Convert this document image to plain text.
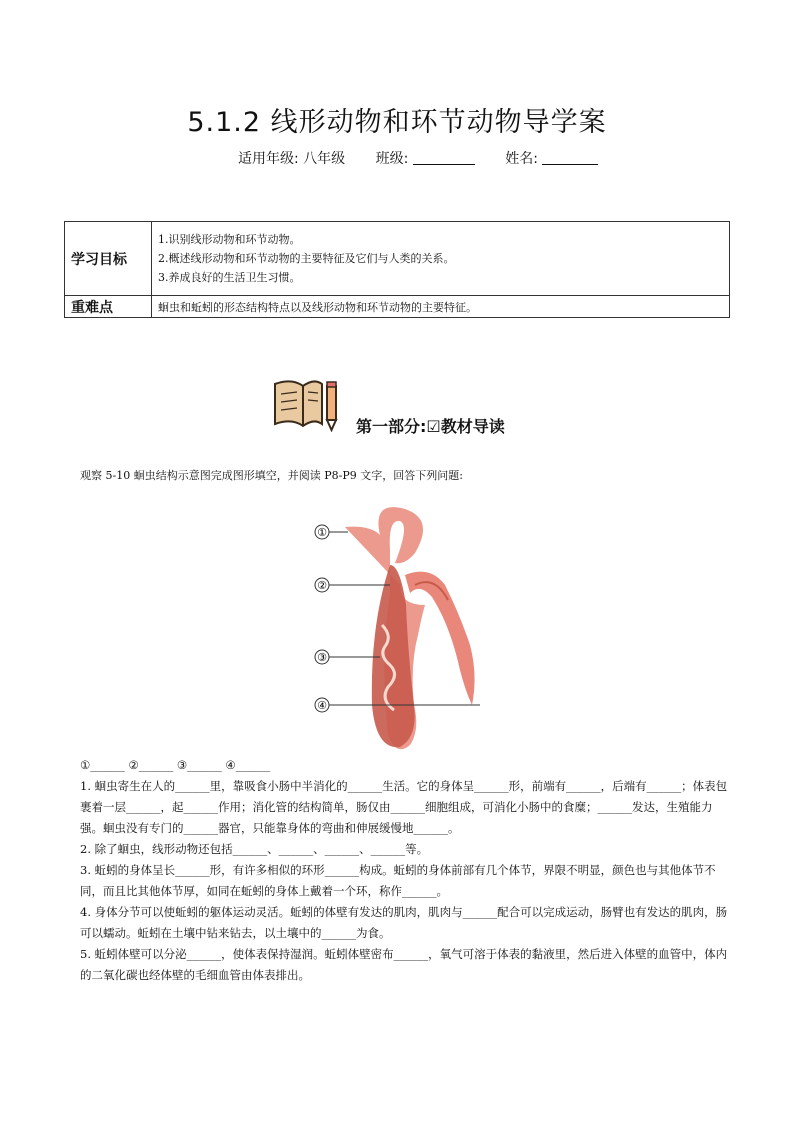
5.1.2 线形动物和环节动物导学案
适用年级: 八年级 班级:	姓名:
学习目标	1.识别线形动物和环节动物。
2.概述线形动物和环节动物的主要特征及它们与人类的关系。
3.养成良好的生活卫生习惯。

重难点	蛔虫和蚯蚓的形态结构特点以及线形动物和环节动物的主要特征。
第一部分:☑教材导读
观察 5-10 蛔虫结构示意图完成图形填空，并阅读 P8-P9 文字，回答下列问题:
①
②
③
④
①______ ②______ ③______ ④______

1. 蛔虫寄生在人的______里，靠吸食小肠中半消化的______生活。它的身体呈______形，前端有______，后端有______；体表包裹着一层______，起______作用；消化管的结构简单，肠仅由______细胞组成，可消化小肠中的食糜；______发达，生殖能力强。蛔虫没有专门的______器官，只能靠身体的弯曲和伸展缓慢地______。

2. 除了蛔虫，线形动物还包括______、______、______、______等。

3. 蚯蚓的身体呈长______形，有许多相似的环形______构成。蚯蚓的身体前部有几个体节，界限不明显，颜色也与其他体节不同，而且比其他体节厚，如同在蚯蚓的身体上戴着一个环，称作______。

4. 身体分节可以使蚯蚓的躯体运动灵活。蚯蚓的体壁有发达的肌肉，肌肉与______配合可以完成运动，肠臂也有发达的肌肉，肠可以蠕动。蚯蚓在土壤中钻来钻去，以土壤中的______为食。

5. 蚯蚓体壁可以分泌______，使体表保持湿润。蚯蚓体壁密布______，氧气可溶于体表的黏液里，然后进入体壁的血管中，体内的二氧化碳也经体壁的毛细血管由体表排出。
